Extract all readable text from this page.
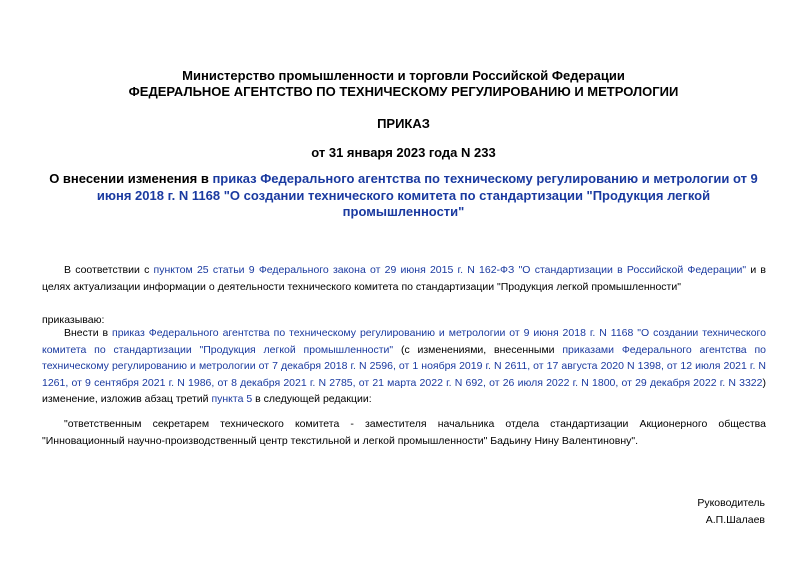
Министерство промышленности и торговли Российской Федерации
ФЕДЕРАЛЬНОЕ АГЕНТСТВО ПО ТЕХНИЧЕСКОМУ РЕГУЛИРОВАНИЮ И МЕТРОЛОГИИ
ПРИКАЗ
от 31 января 2023 года N 233
О внесении изменения в приказ Федерального агентства по техническому регулированию и метрологии от 9
июня 2018 г. N 1168 "О создании технического комитета по стандартизации "Продукция легкой
промышленности"
В соответствии с пунктом 25 статьи 9 Федерального закона от 29 июня 2015 г. N 162-ФЗ "О стандартизации в Российской Федерации" и в целях актуализации информации о деятельности технического комитета по стандартизации "Продукция легкой промышленности"
приказываю:
Внести в приказ Федерального агентства по техническому регулированию и метрологии от 9 июня 2018 г. N 1168 "О создании технического комитета по стандартизации "Продукция легкой промышленности" (с изменениями, внесенными приказами Федерального агентства по техническому регулированию и метрологии от 7 декабря 2018 г. N 2596, от 1 ноября 2019 г. N 2611, от 17 августа 2020 N 1398, от 12 июля 2021 г. N 1261, от 9 сентября 2021 г. N 1986, от 8 декабря 2021 г. N 2785, от 21 марта 2022 г. N 692, от 26 июля 2022 г. N 1800, от 29 декабря 2022 г. N 3322) изменение, изложив абзац третий пункта 5 в следующей редакции:
"ответственным секретарем технического комитета - заместителя начальника отдела стандартизации Акционерного общества "Инновационный научно-производственный центр текстильной и легкой промышленности" Бадьину Нину Валентиновну".
Руководитель
А.П.Шалаев
